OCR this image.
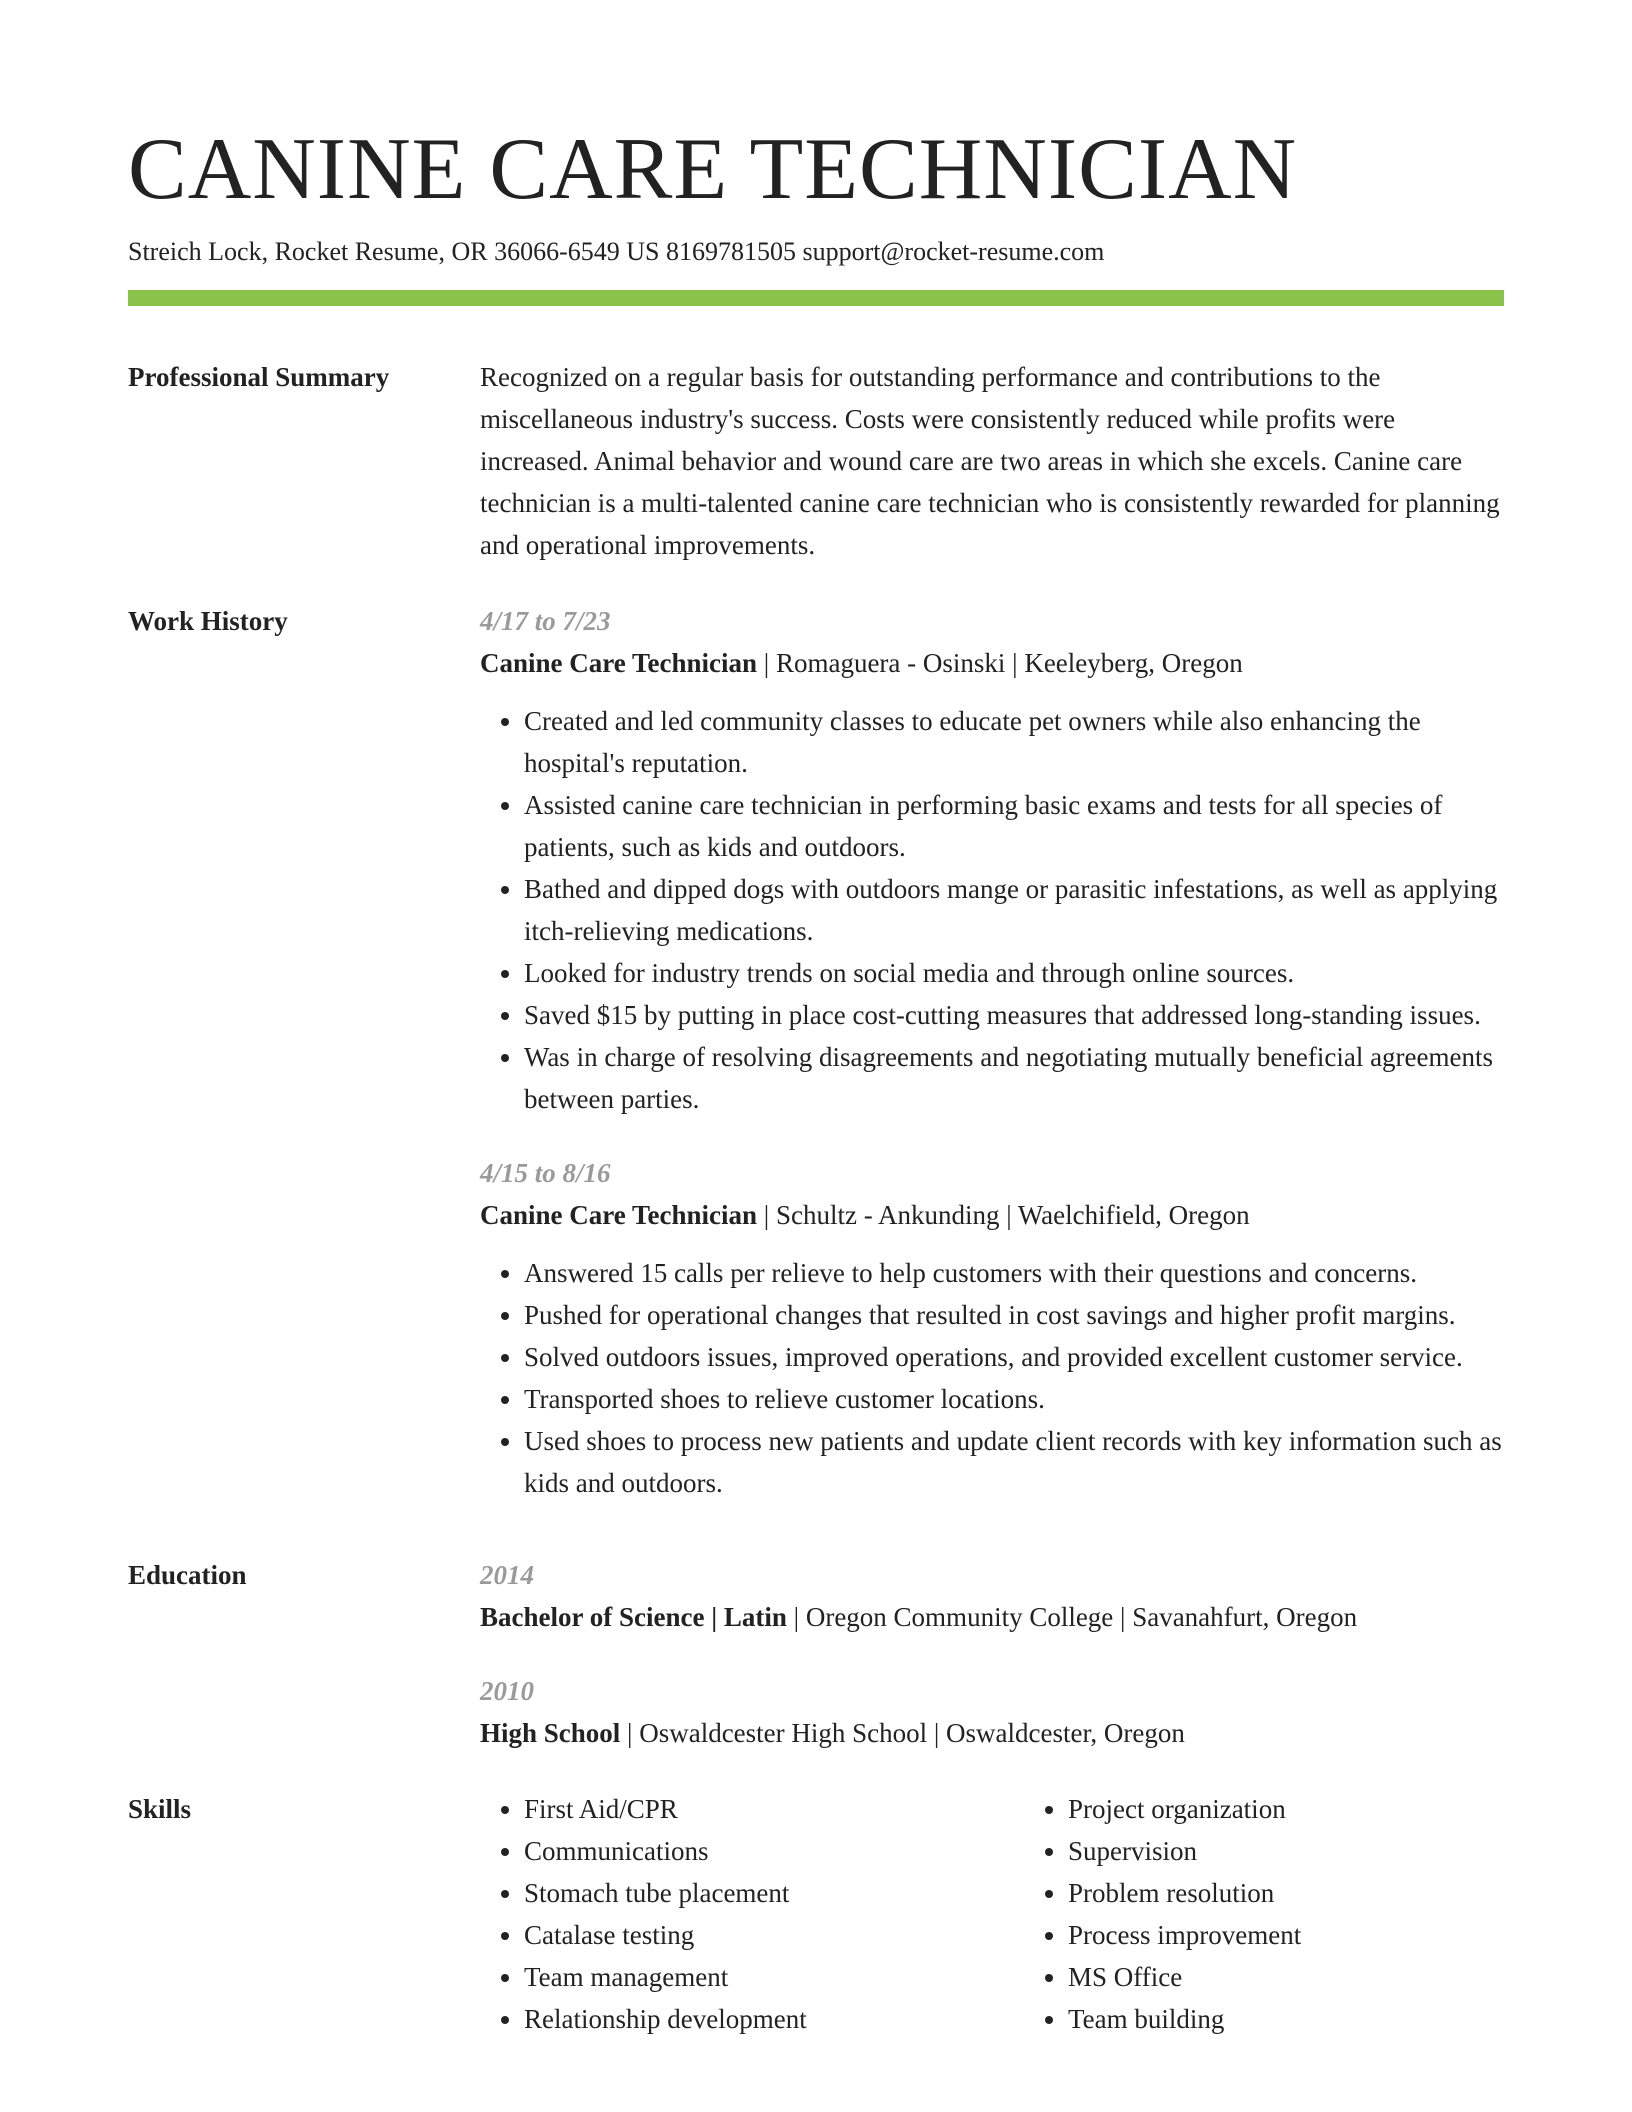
CANINE CARE TECHNICIAN
Streich Lock, Rocket Resume, OR 36066-6549 US 8169781505 support@rocket-resume.com
Professional Summary	Recognized on a regular basis for outstanding performance and contributions to the miscellaneous industry's success. Costs were consistently reduced while profits were increased. Animal behavior and wound care are two areas in which she excels. Canine care technician is a multi-talented canine care technician who is consistently rewarded for planning and operational improvements.

Work History	4/17 to 7/23
Canine Care Technician | Romaguera - Osinski | Keeleyberg, Oregon
• Created and led community classes to educate pet owners while also enhancing the hospital's reputation.
• Assisted canine care technician in performing basic exams and tests for all species of patients, such as kids and outdoors.
• Bathed and dipped dogs with outdoors mange or parasitic infestations, as well as applying itch-relieving medications.
• Looked for industry trends on social media and through online sources.
• Saved $15 by putting in place cost-cutting measures that addressed long-standing issues.
• Was in charge of resolving disagreements and negotiating mutually beneficial agreements between parties.
4/15 to 8/16
Canine Care Technician | Schultz - Ankunding | Waelchifield, Oregon
• Answered 15 calls per relieve to help customers with their questions and concerns.
• Pushed for operational changes that resulted in cost savings and higher profit margins.
• Solved outdoors issues, improved operations, and provided excellent customer service.
• Transported shoes to relieve customer locations.
• Used shoes to process new patients and update client records with key information such as kids and outdoors.
Education	2014
Bachelor of Science | Latin | Oregon Community College | Savanahfurt, Oregon
2010
High School | Oswaldcester High School | Oswaldcester, Oregon
Skills
•	First Aid/CPR
• Communications
• Stomach tube placement
• Catalase testing
• Team management
• Relationship development
• Project organization
• Supervision
• Problem resolution
• Process improvement
• MS Office
• Team building
